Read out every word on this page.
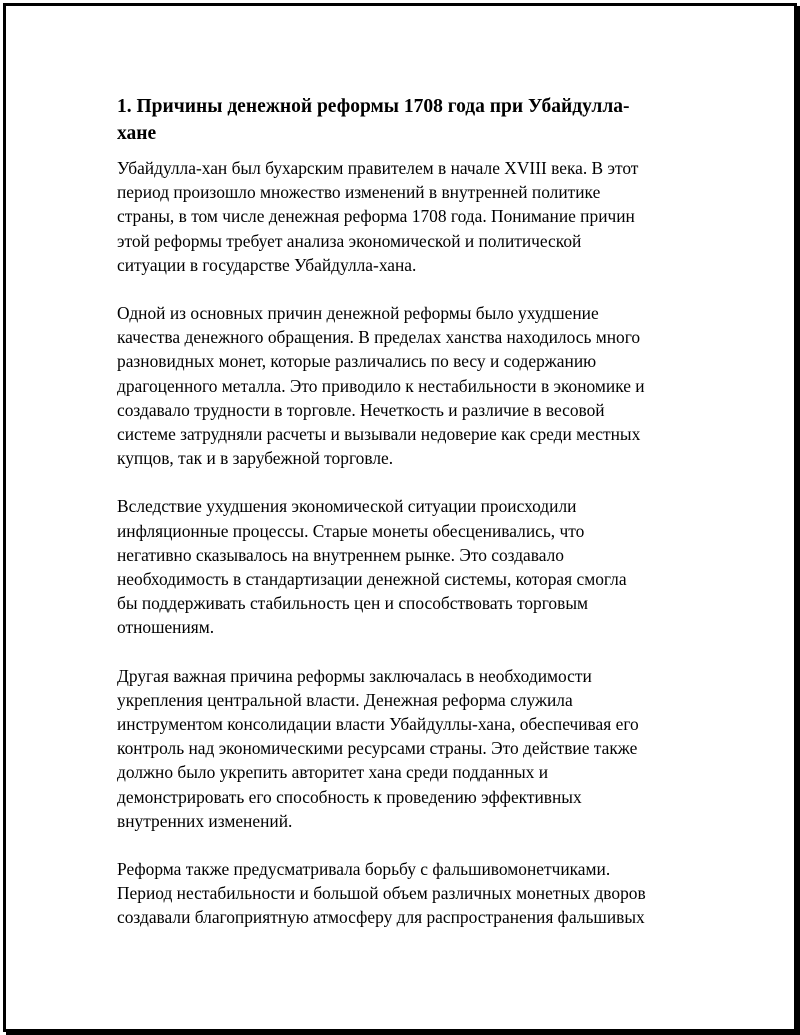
1. Причины денежной реформы 1708 года при Убайдулла-
хане

Убайдулла-хан был бухарским правителем в начале XVIII века. В этот
период произошло множество изменений в внутренней политике
страны, в том числе денежная реформа 1708 года. Понимание причин
этой реформы требует анализа экономической и политической
ситуации в государстве Убайдулла-хана.

Одной из основных причин денежной реформы было ухудшение
качества денежного обращения. В пределах ханства находилось много
разновидных монет, которые различались по весу и содержанию
драгоценного металла. Это приводило к нестабильности в экономике и
создавало трудности в торговле. Нечеткость и различие в весовой
системе затрудняли расчеты и вызывали недоверие как среди местных
купцов, так и в зарубежной торговле.

Вследствие ухудшения экономической ситуации происходили
инфляционные процессы. Старые монеты обесценивались, что
негативно сказывалось на внутреннем рынке. Это создавало
необходимость в стандартизации денежной системы, которая смогла
бы поддерживать стабильность цен и способствовать торговым
отношениям.

Другая важная причина реформы заключалась в необходимости
укрепления центральной власти. Денежная реформа служила
инструментом консолидации власти Убайдуллы-хана, обеспечивая его
контроль над экономическими ресурсами страны. Это действие также
должно было укрепить авторитет хана среди подданных и
демонстрировать его способность к проведению эффективных
внутренних изменений.

Реформа также предусматривала борьбу с фальшивомонетчиками.
Период нестабильности и большой объем различных монетных дворов
создавали благоприятную атмосферу для распространения фальшивых
